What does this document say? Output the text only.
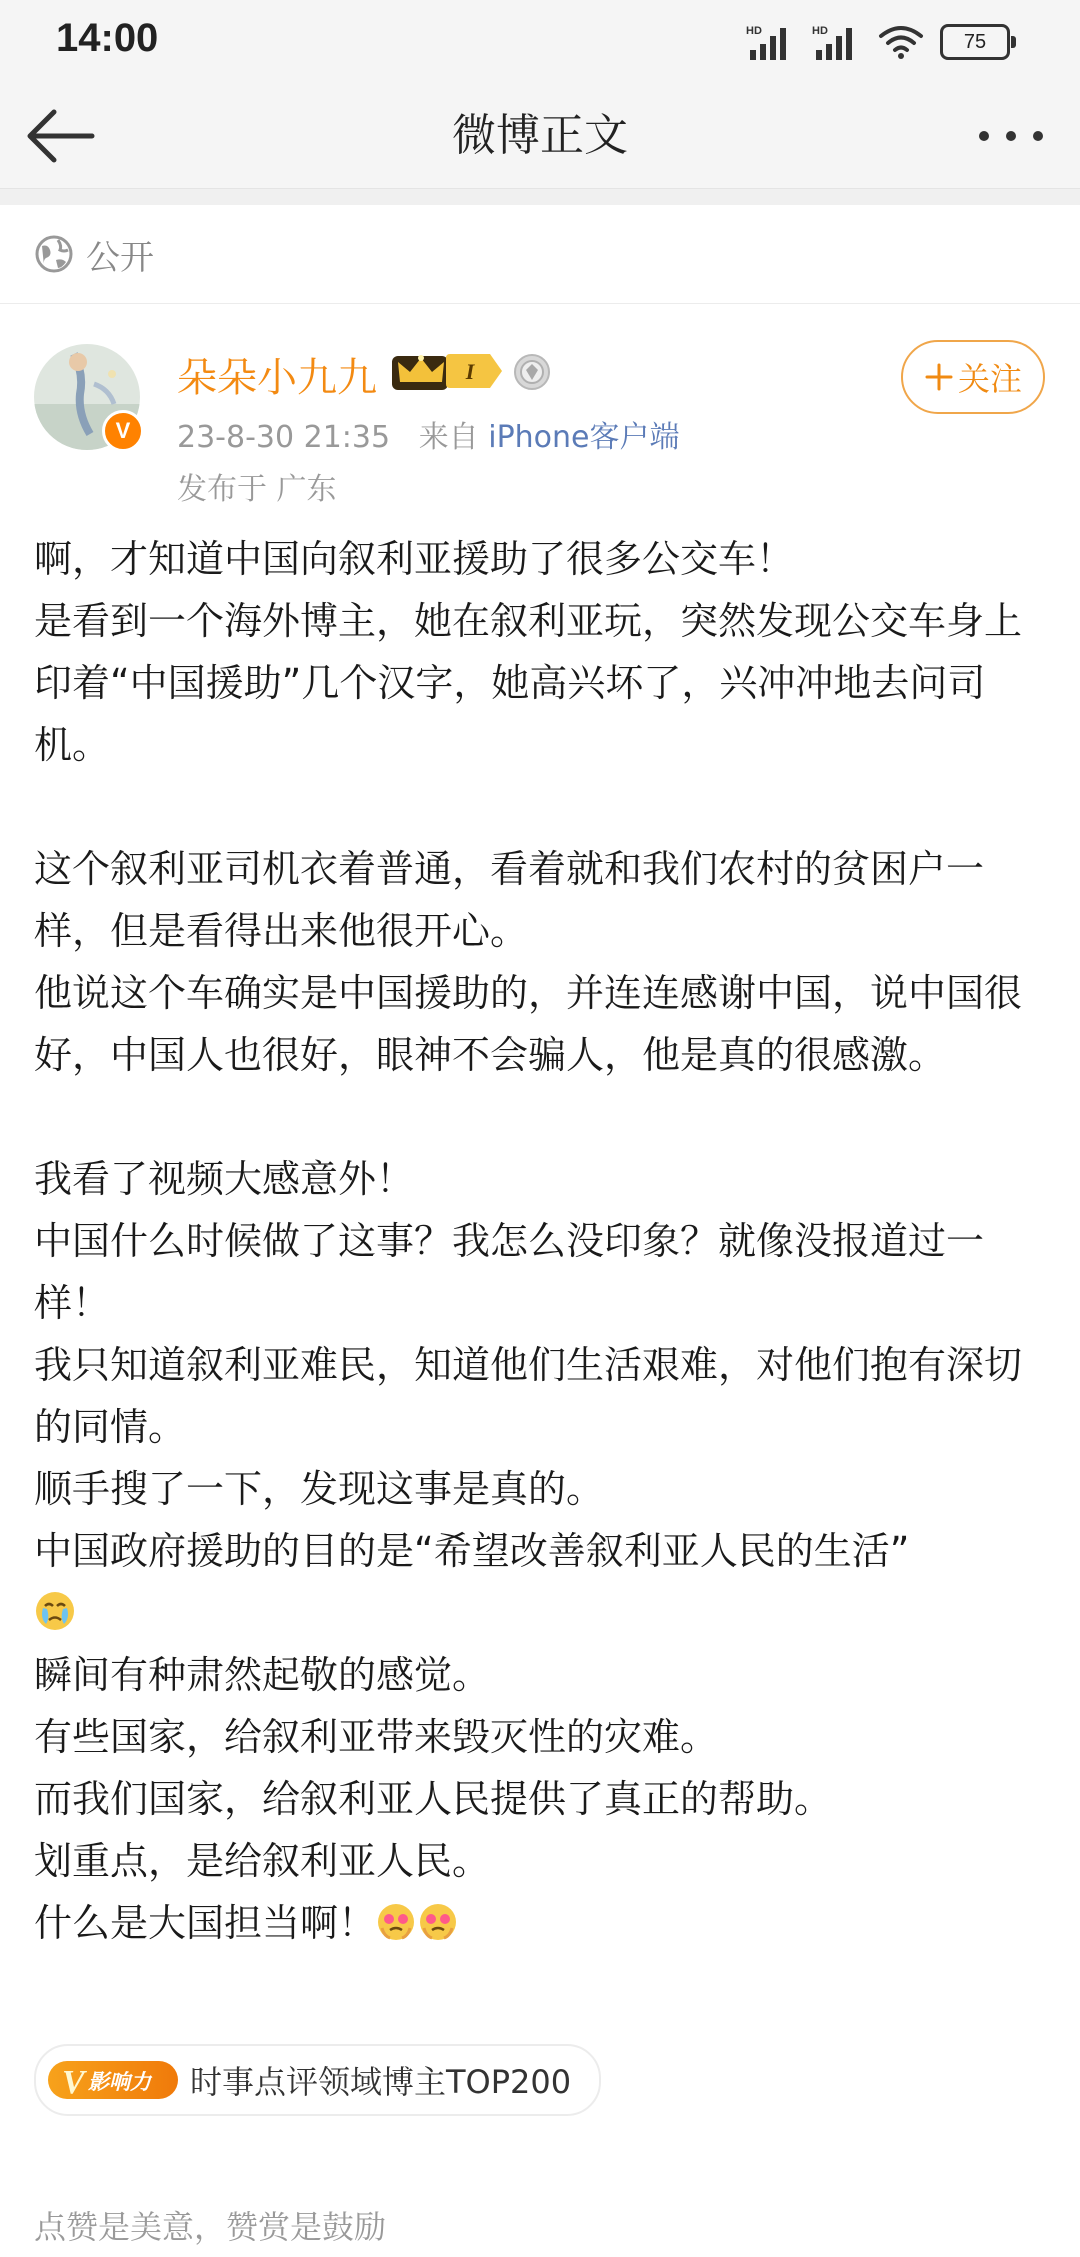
14:00	HD	HD	75
微博正文
公开
V
朵朵小九九	I
23-8-30 21:35 来自 iPhone客户端
发布于 广东
关注

啊，才知道中国向叙利亚援助了很多公交车！

是看到一个海外博主，她在叙利亚玩，突然发现公交车身上印着“中国援助”几个汉字，她高兴坏了，兴冲冲地去问司机。

这个叙利亚司机衣着普通，看着就和我们农村的贫困户一样，但是看得出来他很开心。

他说这个车确实是中国援助的，并连连感谢中国，说中国很好，中国人也很好，眼神不会骗人，他是真的很感激。

我看了视频大感意外！

中国什么时候做了这事？我怎么没印象？就像没报道过一样！

我只知道叙利亚难民，知道他们生活艰难，对他们抱有深切的同情。

顺手搜了一下，发现这事是真的。

中国政府援助的目的是“希望改善叙利亚人民的生活”

瞬间有种肃然起敬的感觉。

有些国家，给叙利亚带来毁灭性的灾难。

而我们国家，给叙利亚人民提供了真正的帮助。

划重点，是给叙利亚人民。

什么是大国担当啊！

V 影响力 时事点评领域博主TOP200
点赞是美意，赞赏是鼓励
